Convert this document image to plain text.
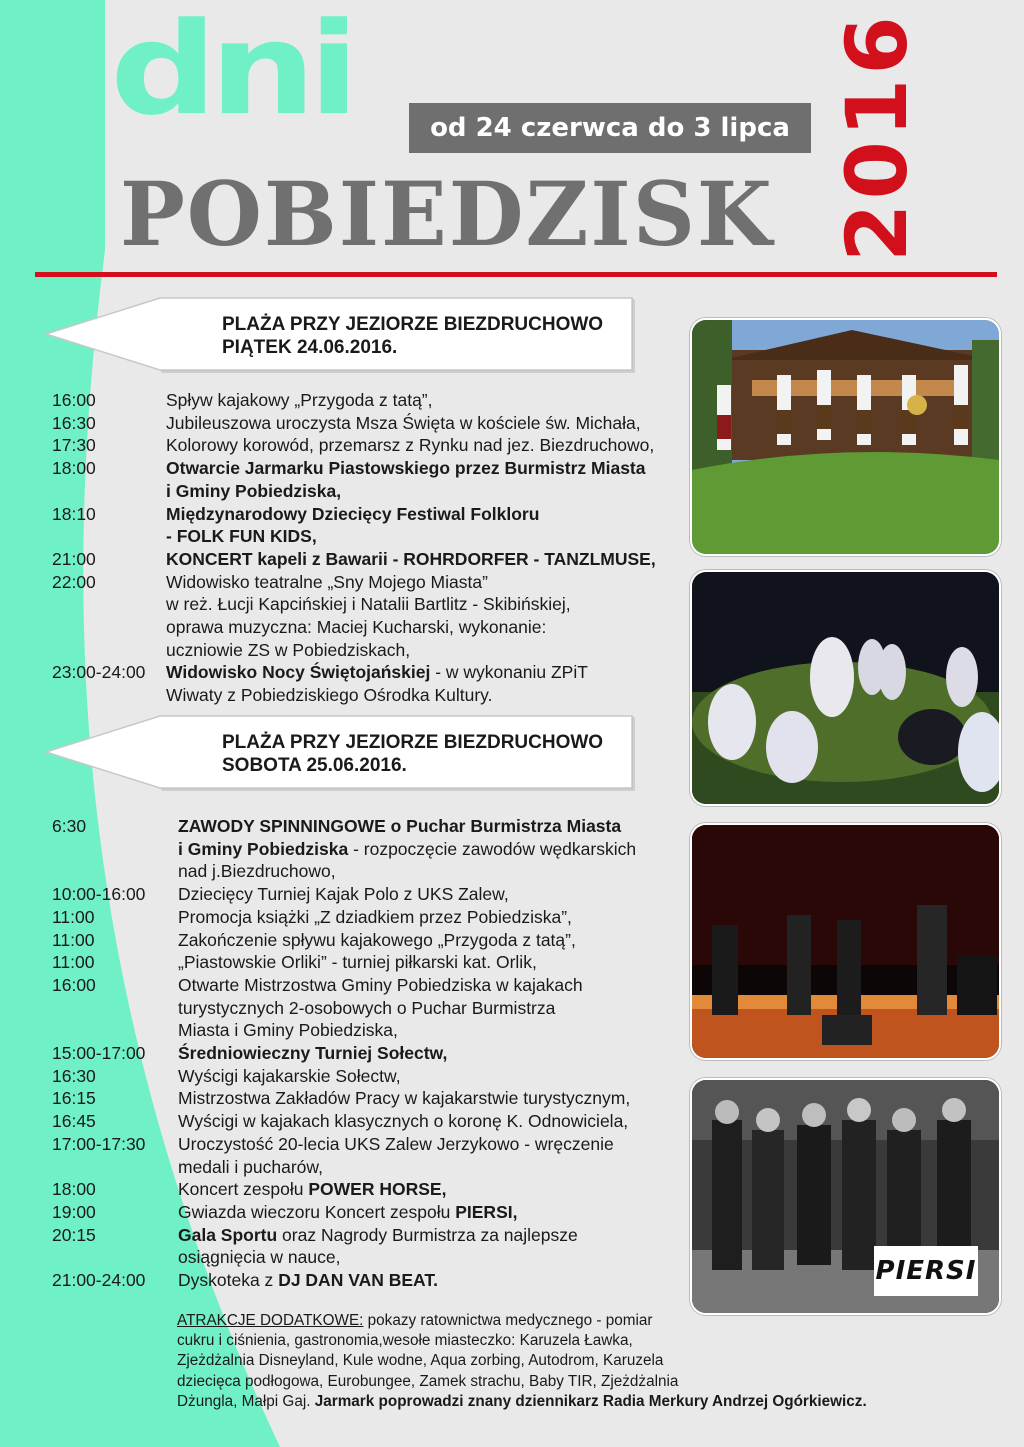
dni	od 24 czerwca do 3 lipca
POBIEDZISK 2016
PLAŻA PRZY JEZIORZE BIEZDRUCHOWO
PIĄTEK 24.06.2016.
16:00	Spływ kajakowy „Przygoda z tatą”,
16:30	Jubileuszowa uroczysta Msza Święta w kościele św. Michała,
17:30	Kolorowy korowód, przemarsz z Rynku nad jez. Biezdruchowo,
18:00	Otwarcie Jarmarku Piastowskiego przez Burmistrz Miasta
i Gminy Pobiedziska,
18:10	Międzynarodowy Dziecięcy Festiwal Folkloru
- FOLK FUN KIDS,
21:00	KONCERT kapeli z Bawarii - ROHRDORFER - TANZLMUSE,
22:00	Widowisko teatralne „Sny Mojego Miasta”
w reż. Łucji Kapcińskiej i Natalii Bartlitz - Skibińskiej,
oprawa muzyczna: Maciej Kucharski, wykonanie:
uczniowie ZS w Pobiedziskach,
23:00-24:00	Widowisko Nocy Świętojańskiej - w wykonaniu ZPiT
Wiwaty z Pobiedziskiego Ośrodka Kultury.
PLAŻA PRZY JEZIORZE BIEZDRUCHOWO
SOBOTA 25.06.2016.
6:30	ZAWODY SPINNINGOWE o Puchar Burmistrza Miasta
i Gminy Pobiedziska - rozpoczęcie zawodów wędkarskich
nad j.Biezdruchowo,
10:00-16:00	Dziecięcy Turniej Kajak Polo z UKS Zalew,
11:00	Promocja książki „Z dziadkiem przez Pobiedziska”,
11:00	Zakończenie spływu kajakowego „Przygoda z tatą”,
11:00	„Piastowskie Orliki” - turniej piłkarski kat. Orlik,
16:00	Otwarte Mistrzostwa Gminy Pobiedziska w kajakach
turystycznych 2-osobowych o Puchar Burmistrza
Miasta i Gminy Pobiedziska,
15:00-17:00	Średniowieczny Turniej Sołectw,
16:30	Wyścigi kajakarskie Sołectw,
16:15	Mistrzostwa Zakładów Pracy w kajakarstwie turystycznym,
16:45	Wyścigi w kajakach klasycznych o koronę K. Odnowiciela,
17:00-17:30	Uroczystość 20-lecia UKS Zalew Jerzykowo - wręczenie
medali i pucharów,
18:00	Koncert zespołu POWER HORSE,
19:00	Gwiazda wieczoru Koncert zespołu PIERSI,
20:15	Gala Sportu oraz Nagrody Burmistrza za najlepsze
osiągnięcia w nauce,
21:00-24:00	Dyskoteka z DJ DAN VAN BEAT.	PIERSI
ATRAKCJE DODATKOWE: pokazy ratownictwa medycznego - pomiar
cukru i ciśnienia, gastronomia,wesołe miasteczko: Karuzela Ławka,
Zjeżdżalnia Disneyland, Kule wodne, Aqua zorbing, Autodrom, Karuzela
dziecięca podłogowa, Eurobungee, Zamek strachu, Baby TIR, Zjeżdżalnia
Dżungla, Małpi Gaj. Jarmark poprowadzi znany dziennikarz Radia Merkury Andrzej Ogórkiewicz.
